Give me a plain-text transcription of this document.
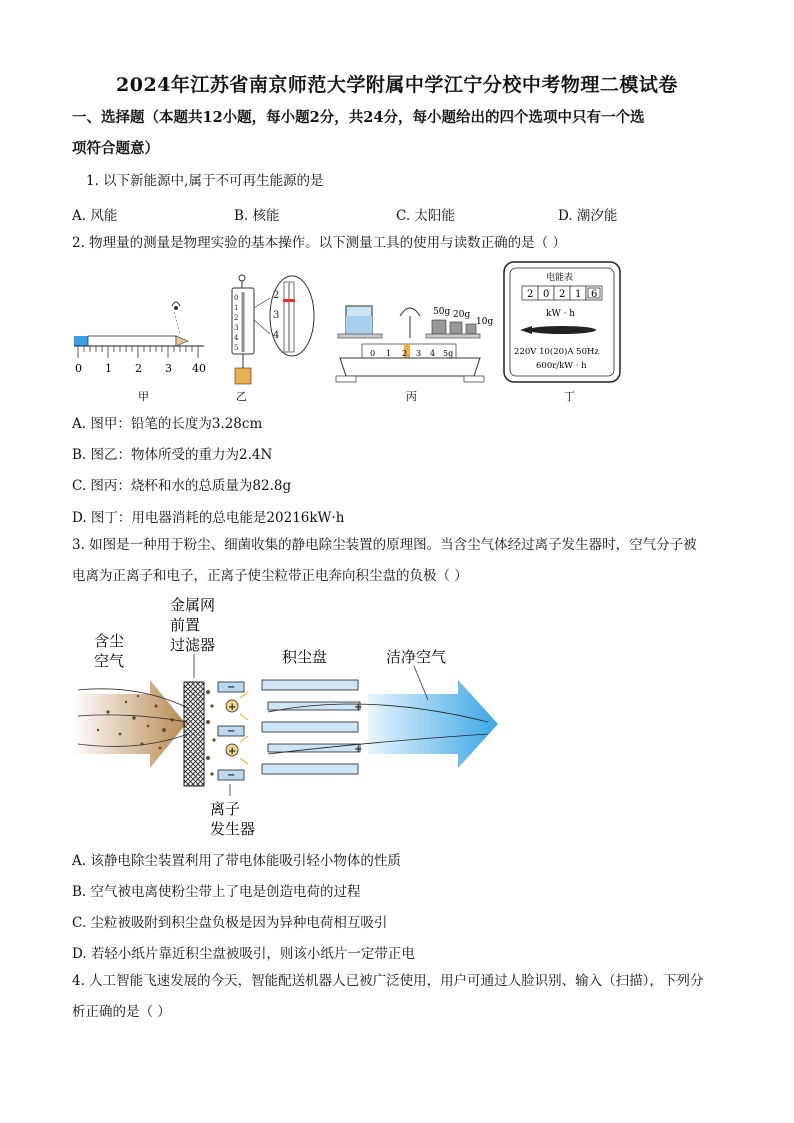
2024年江苏省南京师范大学附属中学江宁分校中考物理二模试卷
一、选择题（本题共12小题，每小题2分，共24分，每小题给出的四个选项中只有一个选
项符合题意）
1. 以下新能源中,属于不可再生能源的是
A. 风能	B. 核能	C. 太阳能	D. 潮汐能
2. 物理量的测量是物理实验的基本操作。以下测量工具的使用与读数正确的是（ ）
0 1 2 3 40
甲
0
1
2
3
4
5
2
3
4
乙
50g 20g
10g
0 1 2 3 4 5g
丙
电能表
2 0 2 1 6
kW · h
220V 10(20)A 50Hz
600r/kW · h
丁
A. 图甲：铅笔的长度为3.28cm
B. 图乙：物体所受的重力为2.4N
C. 图丙：烧杯和水的总质量为82.8g
D. 图丁：用电器消耗的总电能是20216kW·h
3. 如图是一种用于粉尘、细菌收集的静电除尘装置的原理图。当含尘气体经过离子发生器时，空气分子被
电离为正离子和电子，正离子使尘粒带正电奔向积尘盘的负极（ ）
含尘
空气
金属网
前置
过滤器
−
−
−
+
+
+
+
积尘盘	洁净空气
离子
发生器
A. 该静电除尘装置利用了带电体能吸引轻小物体的性质
B. 空气被电离使粉尘带上了电是创造电荷的过程
C. 尘粒被吸附到积尘盘负极是因为异种电荷相互吸引
D. 若轻小纸片靠近积尘盘被吸引，则该小纸片一定带正电
4. 人工智能飞速发展的今天，智能配送机器人已被广泛使用，用户可通过人脸识别、输入（扫描），下列分
析正确的是（ ）
